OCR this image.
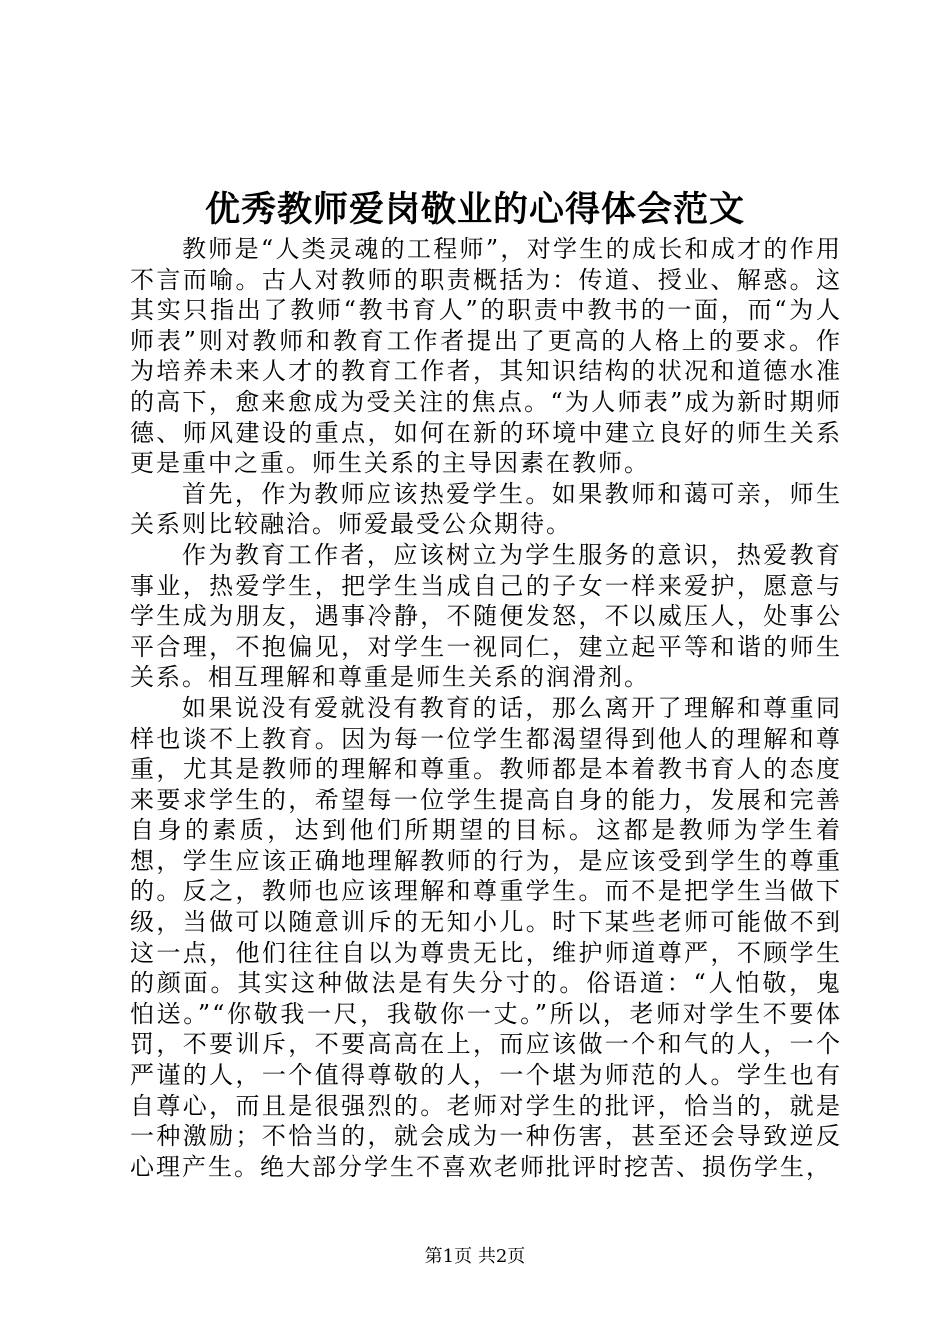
优秀教师爱岗敬业的心得体会范文

教师是“人类灵魂的工程师”，对学生的成长和成才的作用不言而喻。古人对教师的职责概括为：传道、授业、解惑。这其实只指出了教师“教书育人”的职责中教书的一面，而“为人师表”则对教师和教育工作者提出了更高的人格上的要求。作为培养未来人才的教育工作者，其知识结构的状况和道德水准的高下，愈来愈成为受关注的焦点。“为人师表”成为新时期师德、师风建设的重点，如何在新的环境中建立良好的师生关系更是重中之重。师生关系的主导因素在教师。

首先，作为教师应该热爱学生。如果教师和蔼可亲，师生关系则比较融洽。师爱最受公众期待。

作为教育工作者，应该树立为学生服务的意识，热爱教育事业，热爱学生，把学生当成自己的子女一样来爱护，愿意与学生成为朋友，遇事冷静，不随便发怒，不以威压人，处事公平合理，不抱偏见，对学生一视同仁，建立起平等和谐的师生关系。相互理解和尊重是师生关系的润滑剂。

如果说没有爱就没有教育的话，那么离开了理解和尊重同样也谈不上教育。因为每一位学生都渴望得到他人的理解和尊重，尤其是教师的理解和尊重。教师都是本着教书育人的态度来要求学生的，希望每一位学生提高自身的能力，发展和完善自身的素质，达到他们所期望的目标。这都是教师为学生着想，学生应该正确地理解教师的行为，是应该受到学生的尊重的。反之，教师也应该理解和尊重学生。而不是把学生当做下级，当做可以随意训斥的无知小儿。时下某些老师可能做不到这一点，他们往往自以为尊贵无比，维护师道尊严，不顾学生的颜面。其实这种做法是有失分寸的。俗语道：“人怕敬，鬼怕送。”“你敬我一尺，我敬你一丈。”所以，老师对学生不要体罚，不要训斥，不要高高在上，而应该做一个和气的人，一个严谨的人，一个值得尊敬的人，一个堪为师范的人。学生也有自尊心，而且是很强烈的。老师对学生的批评，恰当的，就是一种激励；不恰当的，就会成为一种伤害，甚至还会导致逆反心理产生。绝大部分学生不喜欢老师批评时挖苦、损伤学生，

第1页 共2页
